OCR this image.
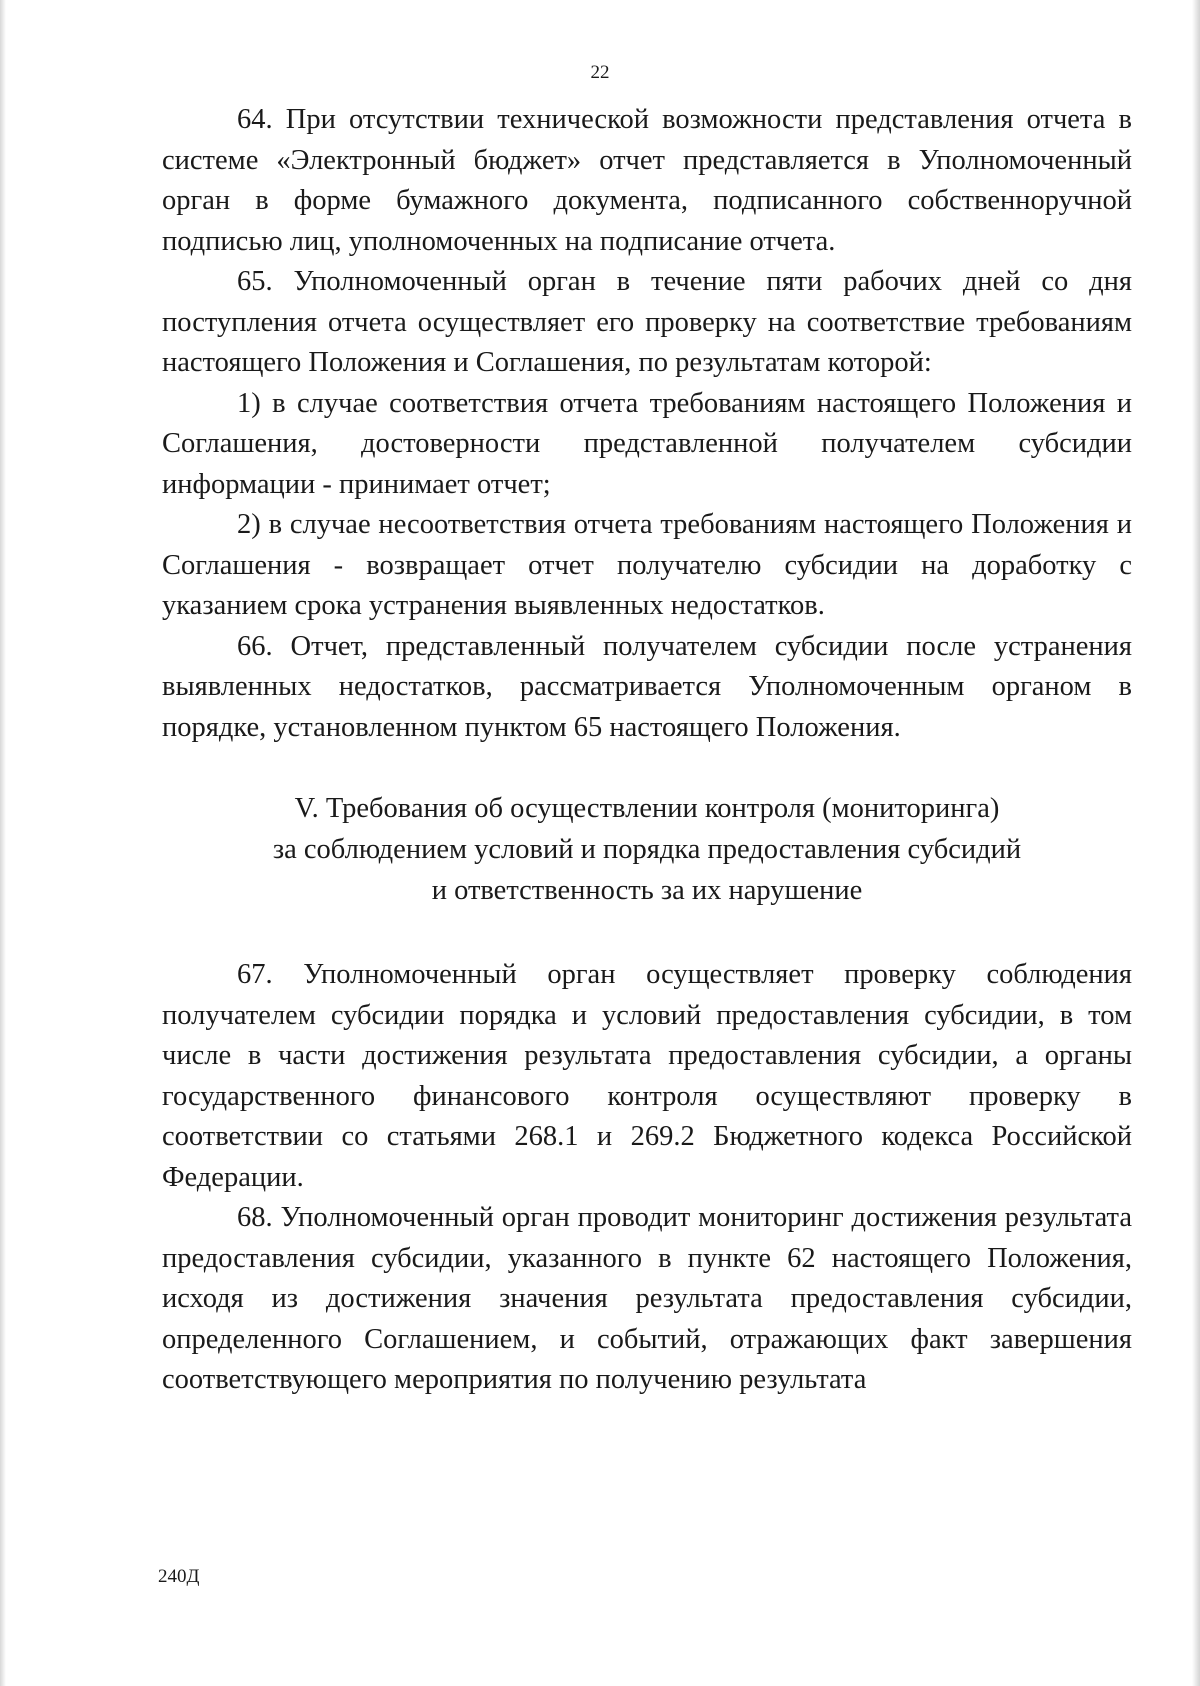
22

64. При отсутствии технической возможности представления отчета в системе «Электронный бюджет» отчет представляется в Уполномоченный орган в форме бумажного документа, подписанного собственноручной подписью лиц, уполномоченных на подписание отчета.

65. Уполномоченный орган в течение пяти рабочих дней со дня поступления отчета осуществляет его проверку на соответствие требованиям настоящего Положения и Соглашения, по результатам которой:

1) в случае соответствия отчета требованиям настоящего Положения и Соглашения, достоверности представленной получателем субсидии информации - принимает отчет;

2) в случае несоответствия отчета требованиям настоящего Положения и Соглашения - возвращает отчет получателю субсидии на доработку с указанием срока устранения выявленных недостатков.

66. Отчет, представленный получателем субсидии после устранения выявленных недостатков, рассматривается Уполномоченным органом в порядке, установленном пунктом 65 настоящего Положения.

V. Требования об осуществлении контроля (мониторинга)
за соблюдением условий и порядка предоставления субсидий
и ответственность за их нарушение

67. Уполномоченный орган осуществляет проверку соблюдения получателем субсидии порядка и условий предоставления субсидии, в том числе в части достижения результата предоставления субсидии, а органы государственного финансового контроля осуществляют проверку в соответствии со статьями 268.1 и 269.2 Бюджетного кодекса Российской Федерации.

68. Уполномоченный орган проводит мониторинг достижения результата предоставления субсидии, указанного в пункте 62 настоящего Положения, исходя из достижения значения результата предоставления субсидии, определенного Соглашением, и событий, отражающих факт завершения соответствующего мероприятия по получению результата

240Д
